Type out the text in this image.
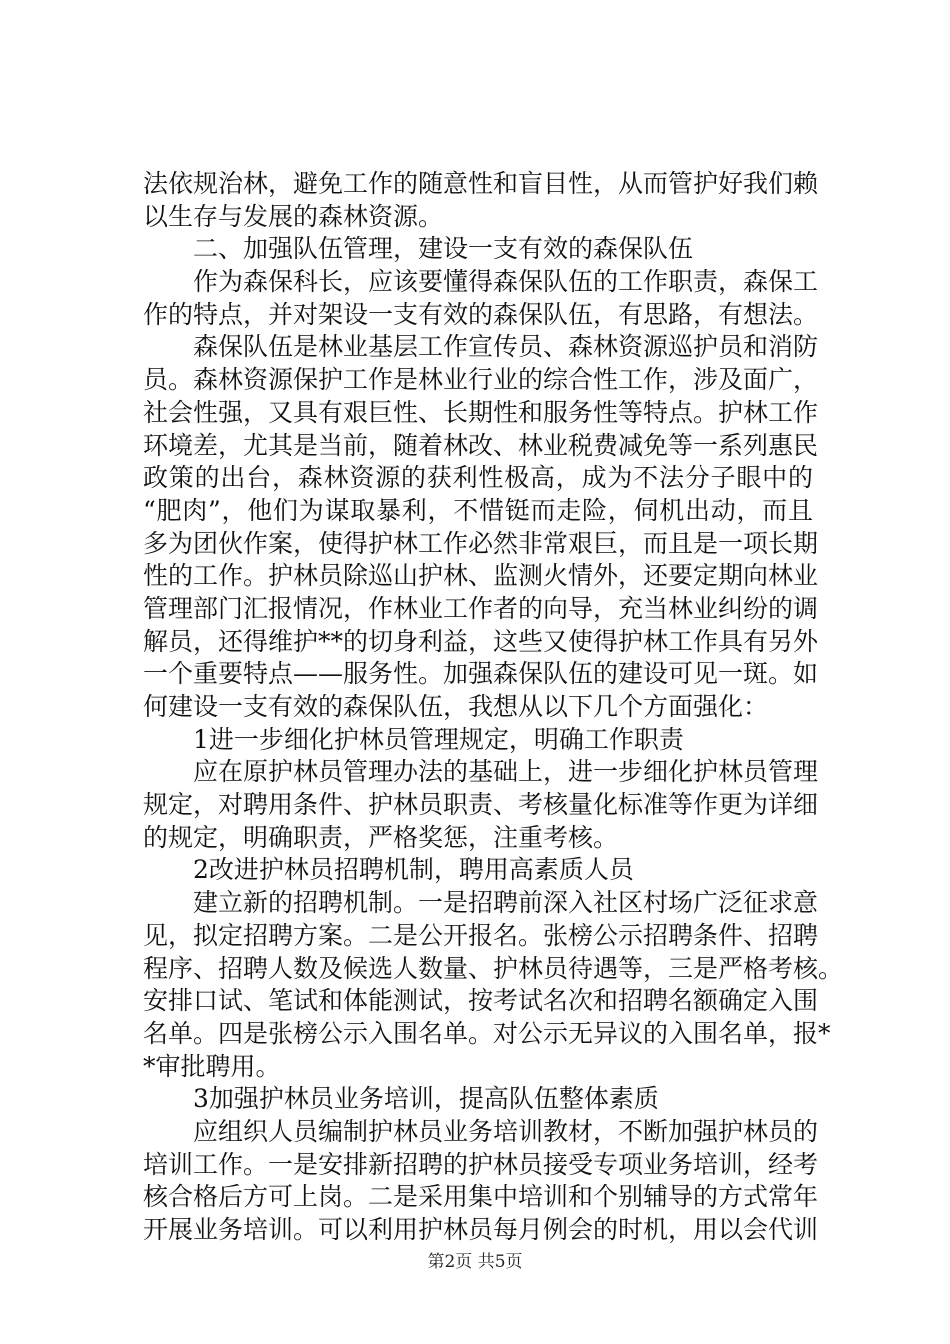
法依规治林，避免工作的随意性和盲目性，从而管护好我们赖
以生存与发展的森林资源。
二、加强队伍管理，建设一支有效的森保队伍
作为森保科长，应该要懂得森保队伍的工作职责，森保工
作的特点，并对架设一支有效的森保队伍，有思路，有想法。
森保队伍是林业基层工作宣传员、森林资源巡护员和消防
员。森林资源保护工作是林业行业的综合性工作，涉及面广，
社会性强，又具有艰巨性、长期性和服务性等特点。护林工作
环境差，尤其是当前，随着林改、林业税费减免等一系列惠民
政策的出台，森林资源的获利性极高，成为不法分子眼中的
“肥肉”，他们为谋取暴利，不惜铤而走险，伺机出动，而且
多为团伙作案，使得护林工作必然非常艰巨，而且是一项长期
性的工作。护林员除巡山护林、监测火情外，还要定期向林业
管理部门汇报情况，作林业工作者的向导，充当林业纠纷的调
解员，还得维护**的切身利益，这些又使得护林工作具有另外
一个重要特点——服务性。加强森保队伍的建设可见一斑。如
何建设一支有效的森保队伍，我想从以下几个方面强化：
1进一步细化护林员管理规定，明确工作职责
应在原护林员管理办法的基础上，进一步细化护林员管理
规定，对聘用条件、护林员职责、考核量化标准等作更为详细
的规定，明确职责，严格奖惩，注重考核。
2改进护林员招聘机制，聘用高素质人员
建立新的招聘机制。一是招聘前深入社区村场广泛征求意
见，拟定招聘方案。二是公开报名。张榜公示招聘条件、招聘
程序、招聘人数及候选人数量、护林员待遇等，三是严格考核。
安排口试、笔试和体能测试，按考试名次和招聘名额确定入围
名单。四是张榜公示入围名单。对公示无异议的入围名单，报*
*审批聘用。
3加强护林员业务培训，提高队伍整体素质
应组织人员编制护林员业务培训教材，不断加强护林员的
培训工作。一是安排新招聘的护林员接受专项业务培训，经考
核合格后方可上岗。二是采用集中培训和个别辅导的方式常年
开展业务培训。可以利用护林员每月例会的时机，用以会代训
第2页 共5页
